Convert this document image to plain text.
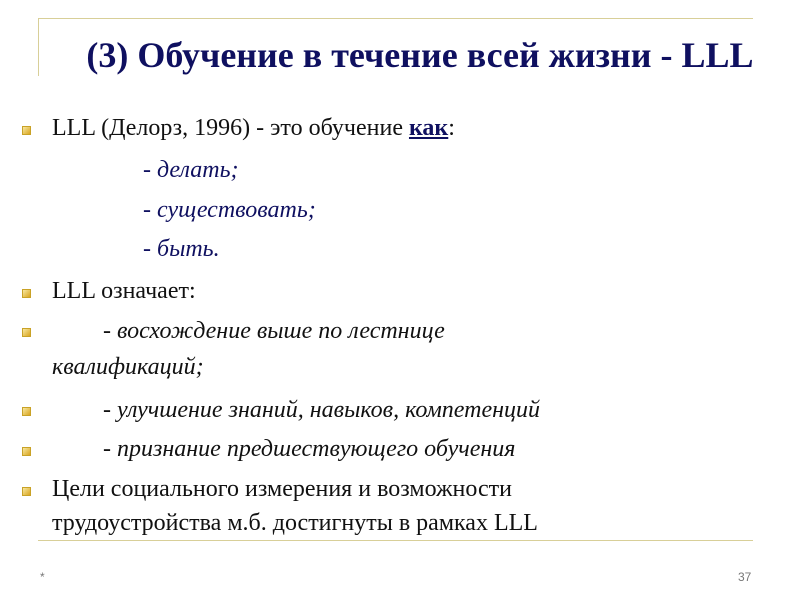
(3) Обучение в течение всей жизни - LLL
LLL (Делорз, 1996) - это обучение как:
- делать;
- существовать;
- быть.
LLL означает:
- восхождение выше по лестнице
квалификаций;
- улучшение знаний, навыков, компетенций
- признание предшествующего обучения
Цели социального измерения и возможности
трудоустройства м.б. достигнуты в рамках LLL
*	37
